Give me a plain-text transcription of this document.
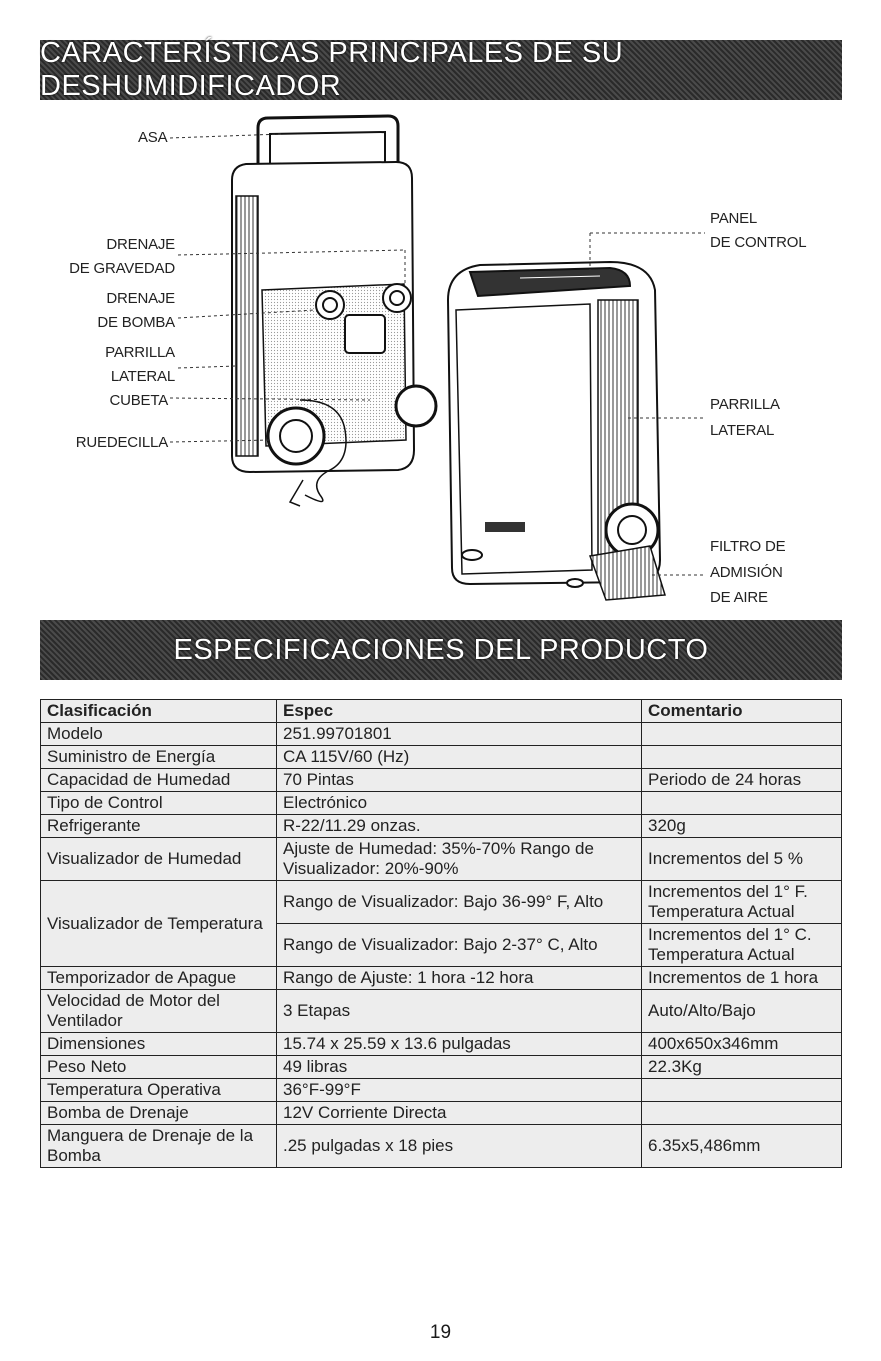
CARACTERÍSTICAS PRINCIPALES DE SU DESHUMIDIFICADOR
ASA
DRENAJE
DE GRAVEDAD
DRENAJE
DE BOMBA
PARRILLA
LATERAL
CUBETA
RUEDECILLA
PANEL
DE CONTROL
PARRILLA
LATERAL
FILTRO DE
ADMISIÓN
DE AIRE
ESPECIFICACIONES DEL PRODUCTO
Clasificación	Espec	Comentario
Modelo	251.99701801	
Suministro de Energía	CA 115V/60 (Hz)	
Capacidad de Humedad	70 Pintas	Periodo de 24 horas
Tipo de Control	Electrónico	
Refrigerante	R-22/11.29 onzas.	320g
Visualizador de Humedad	Ajuste de Humedad: 35%-70% Rango de Visualizador: 20%-90%	Incrementos del 5 %
Visualizador de Temperatura	Rango de Visualizador: Bajo 36-99° F, Alto	Incrementos del 1° F. Temperatura Actual
	Rango de Visualizador: Bajo 2-37° C, Alto	Incrementos del 1° C. Temperatura Actual
Temporizador de Apague	Rango de Ajuste: 1 hora -12 hora	Incrementos de 1 hora
Velocidad de Motor del Ventilador	3 Etapas	Auto/Alto/Bajo
Dimensiones	15.74 x 25.59 x 13.6 pulgadas	400x650x346mm
Peso Neto	49 libras	22.3Kg
Temperatura Operativa	36°F-99°F	
Bomba de Drenaje	12V Corriente Directa	
Manguera de Drenaje de la Bomba	.25 pulgadas x 18 pies	6.35x5,486mm
19
